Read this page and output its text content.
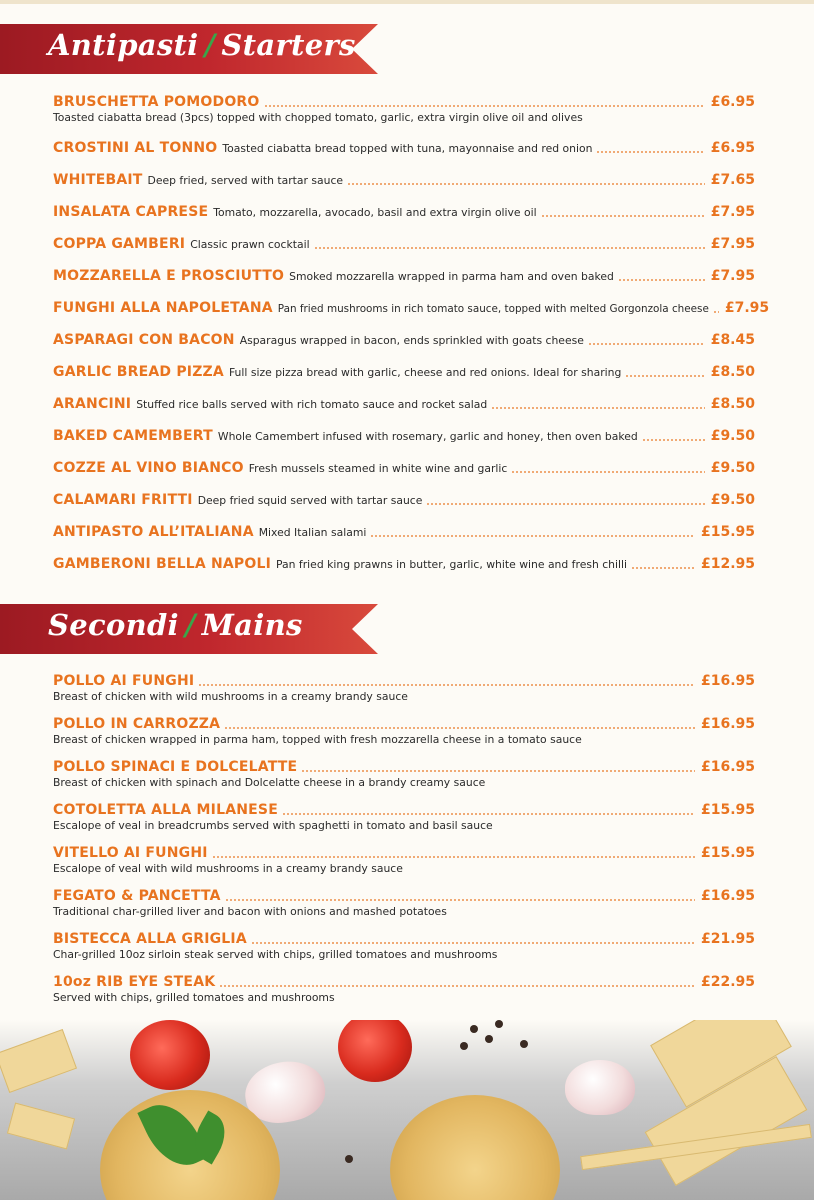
Antipasti / Starters
BRUSCHETTA POMODORO	£6.95
Toasted ciabatta bread (3pcs) topped with chopped tomato, garlic, extra virgin olive oil and olives
CROSTINI AL TONNO Toasted ciabatta bread topped with tuna, mayonnaise and red onion	£6.95
WHITEBAIT Deep fried, served with tartar sauce	£7.65
INSALATA CAPRESE Tomato, mozzarella, avocado, basil and extra virgin olive oil	£7.95
COPPA GAMBERI Classic prawn cocktail	£7.95
MOZZARELLA E PROSCIUTTO Smoked mozzarella wrapped in parma ham and oven baked	£7.95
FUNGHI ALLA NAPOLETANA Pan fried mushrooms in rich tomato sauce, topped with melted Gorgonzola cheese £7.95
ASPARAGI CON BACON Asparagus wrapped in bacon, ends sprinkled with goats cheese	£8.45
GARLIC BREAD PIZZA Full size pizza bread with garlic, cheese and red onions. Ideal for sharing	£8.50
ARANCINI Stuffed rice balls served with rich tomato sauce and rocket salad	£8.50
BAKED CAMEMBERT Whole Camembert infused with rosemary, garlic and honey, then oven baked	£9.50
COZZE AL VINO BIANCO Fresh mussels steamed in white wine and garlic	£9.50
CALAMARI FRITTI Deep fried squid served with tartar sauce	£9.50
ANTIPASTO ALL’ITALIANA Mixed Italian salami	£15.95
GAMBERONI BELLA NAPOLI Pan fried king prawns in butter, garlic, white wine and fresh chilli	£12.95
Secondi / Mains
POLLO AI FUNGHI	£16.95
Breast of chicken with wild mushrooms in a creamy brandy sauce
POLLO IN CARROZZA	£16.95
Breast of chicken wrapped in parma ham, topped with fresh mozzarella cheese in a tomato sauce
POLLO SPINACI E DOLCELATTE	£16.95
Breast of chicken with spinach and Dolcelatte cheese in a brandy creamy sauce
COTOLETTA ALLA MILANESE	£15.95
Escalope of veal in breadcrumbs served with spaghetti in tomato and basil sauce
VITELLO AI FUNGHI	£15.95
Escalope of veal with wild mushrooms in a creamy brandy sauce
FEGATO & PANCETTA	£16.95
Traditional char-grilled liver and bacon with onions and mashed potatoes
BISTECCA ALLA GRIGLIA	£21.95
Char-grilled 10oz sirloin steak served with chips, grilled tomatoes and mushrooms
10oz RIB EYE STEAK	£22.95
Served with chips, grilled tomatoes and mushrooms
